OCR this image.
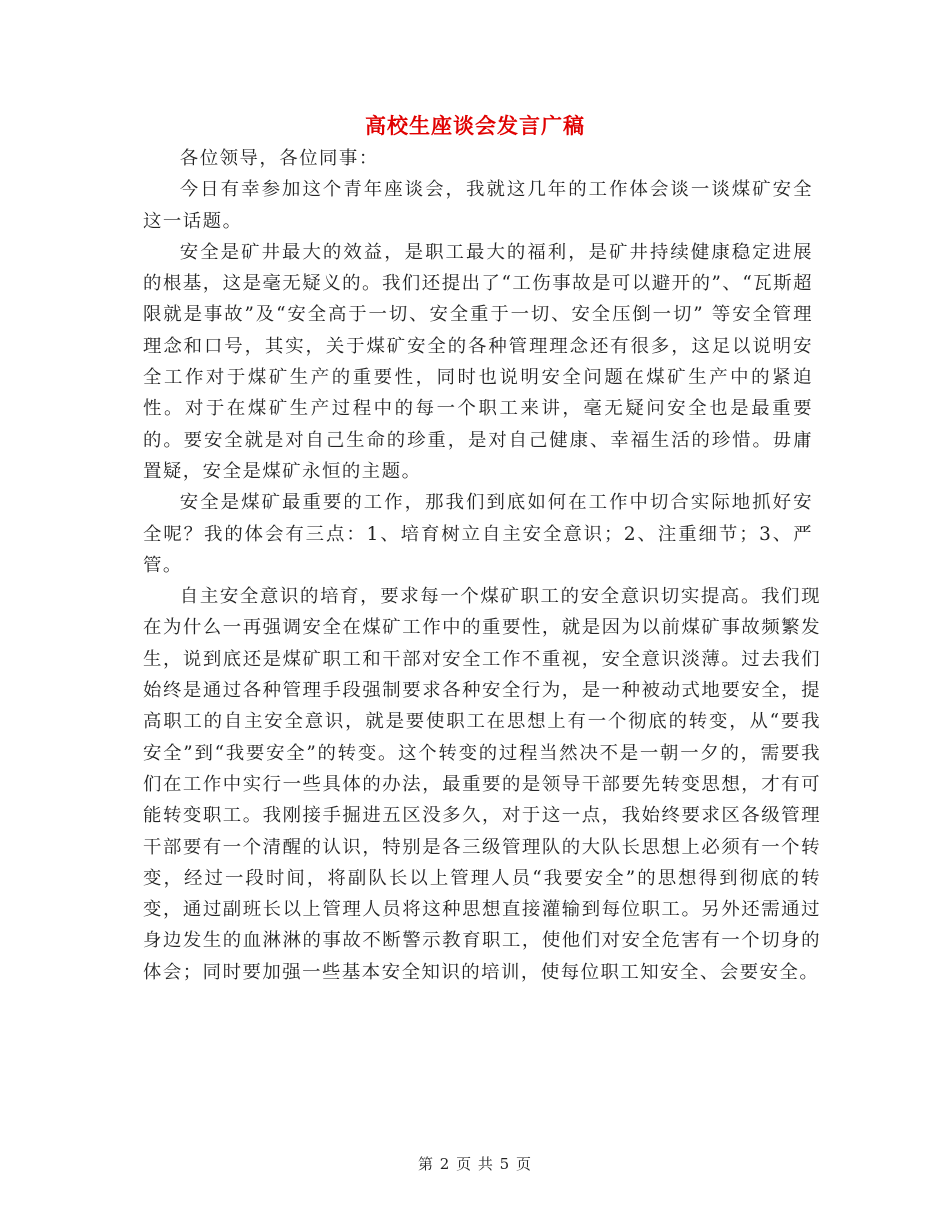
高校生座谈会发言广稿

各位领导，各位同事：

今日有幸参加这个青年座谈会，我就这几年的工作体会谈一谈煤矿安全这一话题。

安全是矿井最大的效益，是职工最大的福利，是矿井持续健康稳定进展的根基，这是毫无疑义的。我们还提出了“工伤事故是可以避开的”、“瓦斯超限就是事故”及“安全高于一切、安全重于一切、安全压倒一切” 等安全管理理念和口号，其实，关于煤矿安全的各种管理理念还有很多，这足以说明安全工作对于煤矿生产的重要性，同时也说明安全问题在煤矿生产中的紧迫性。对于在煤矿生产过程中的每一个职工来讲，毫无疑问安全也是最重要的。要安全就是对自己生命的珍重，是对自己健康、幸福生活的珍惜。毋庸置疑，安全是煤矿永恒的主题。

安全是煤矿最重要的工作，那我们到底如何在工作中切合实际地抓好安全呢？我的体会有三点：1、培育树立自主安全意识；2、注重细节；3、严管。

自主安全意识的培育，要求每一个煤矿职工的安全意识切实提高。我们现在为什么一再强调安全在煤矿工作中的重要性，就是因为以前煤矿事故频繁发生，说到底还是煤矿职工和干部对安全工作不重视，安全意识淡薄。过去我们始终是通过各种管理手段强制要求各种安全行为，是一种被动式地要安全，提高职工的自主安全意识，就是要使职工在思想上有一个彻底的转变，从“要我安全”到“我要安全”的转变。这个转变的过程当然决不是一朝一夕的，需要我们在工作中实行一些具体的办法，最重要的是领导干部要先转变思想，才有可能转变职工。我刚接手掘进五区没多久，对于这一点，我始终要求区各级管理干部要有一个清醒的认识，特别是各三级管理队的大队长思想上必须有一个转变，经过一段时间，将副队长以上管理人员“我要安全”的思想得到彻底的转变，通过副班长以上管理人员将这种思想直接灌输到每位职工。另外还需通过身边发生的血淋淋的事故不断警示教育职工，使他们对安全危害有一个切身的体会；同时要加强一些基本安全知识的培训，使每位职工知安全、会要安全。

第 2 页 共 5 页
